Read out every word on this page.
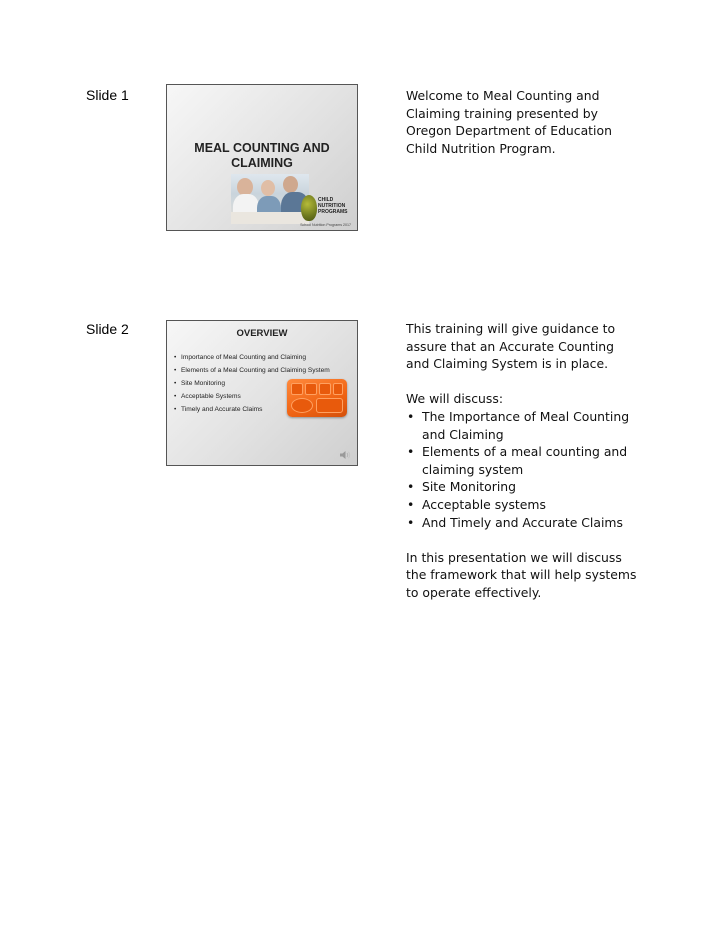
Slide 1
MEAL COUNTING AND
CLAIMING
CHILD
NUTRITION
PROGRAMS
School Nutrition Programs 2017

Welcome to Meal Counting and Claiming training presented by Oregon Department of Education Child Nutrition Program.

Slide 2	OVERVIEW
• Importance of Meal Counting and Claiming
• Elements of a Meal Counting and Claiming System
• Site Monitoring
• Acceptable Systems
• Timely and Accurate Claims

This training will give guidance to assure that an Accurate Counting and Claiming System is in place.

We will discuss:

• The Importance of Meal Counting and Claiming
• Elements of a meal counting and claiming system
• Site Monitoring
• Acceptable systems
• And Timely and Accurate Claims

In this presentation we will discuss the framework that will help systems to operate effectively.
